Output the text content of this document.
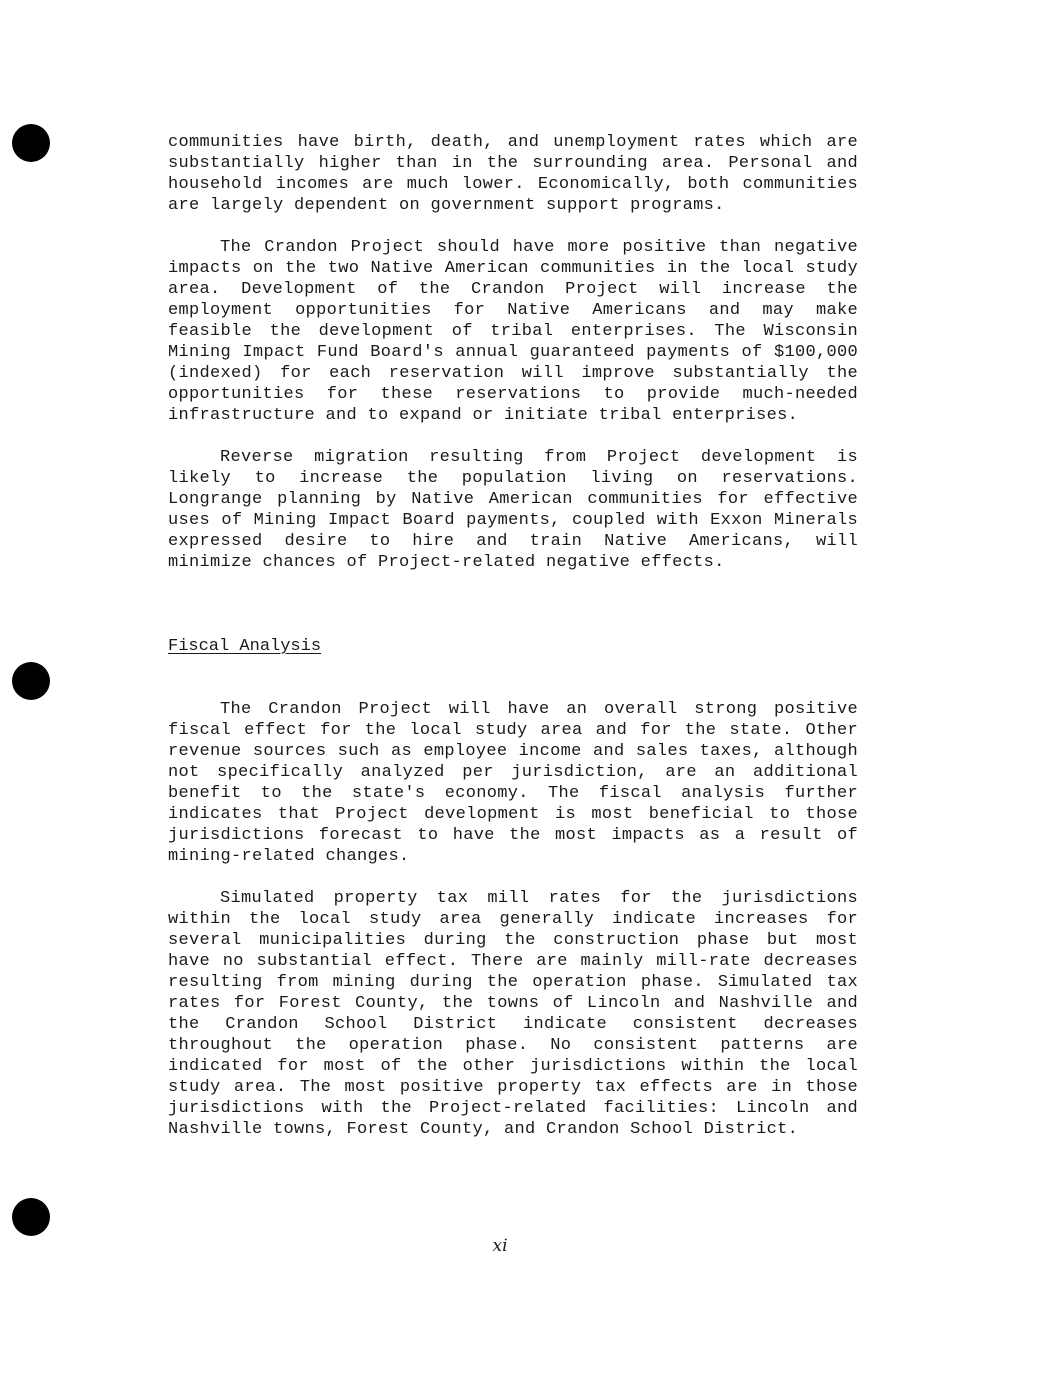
communities have birth, death, and unemployment rates which are substantially higher than in the surrounding area. Personal and household incomes are much lower. Economically, both communities are largely dependent on government support programs.

The Crandon Project should have more positive than negative impacts on the two Native American communities in the local study area. Development of the Crandon Project will increase the employment opportunities for Native Americans and may make feasible the development of tribal enterprises. The Wisconsin Mining Impact Fund Board's annual guaranteed payments of $100,000 (indexed) for each reservation will improve substantially the opportunities for these reservations to provide much-needed infrastructure and to expand or initiate tribal enterprises.

Reverse migration resulting from Project development is likely to increase the population living on reservations. Longrange planning by Native American communities for effective uses of Mining Impact Board payments, coupled with Exxon Minerals expressed desire to hire and train Native Americans, will minimize chances of Project-related negative effects.

Fiscal Analysis

The Crandon Project will have an overall strong positive fiscal effect for the local study area and for the state. Other revenue sources such as employee income and sales taxes, although not specifically analyzed per jurisdiction, are an additional benefit to the state's economy. The fiscal analysis further indicates that Project development is most beneficial to those jurisdictions forecast to have the most impacts as a result of mining-related changes.

Simulated property tax mill rates for the jurisdictions within the local study area generally indicate increases for several municipalities during the construction phase but most have no substantial effect. There are mainly mill-rate decreases resulting from mining during the operation phase. Simulated tax rates for Forest County, the towns of Lincoln and Nashville and the Crandon School District indicate consistent decreases throughout the operation phase. No consistent patterns are indicated for most of the other jurisdictions within the local study area. The most positive property tax effects are in those jurisdictions with the Project-related facilities: Lincoln and Nashville towns, Forest County, and Crandon School District.

xi
